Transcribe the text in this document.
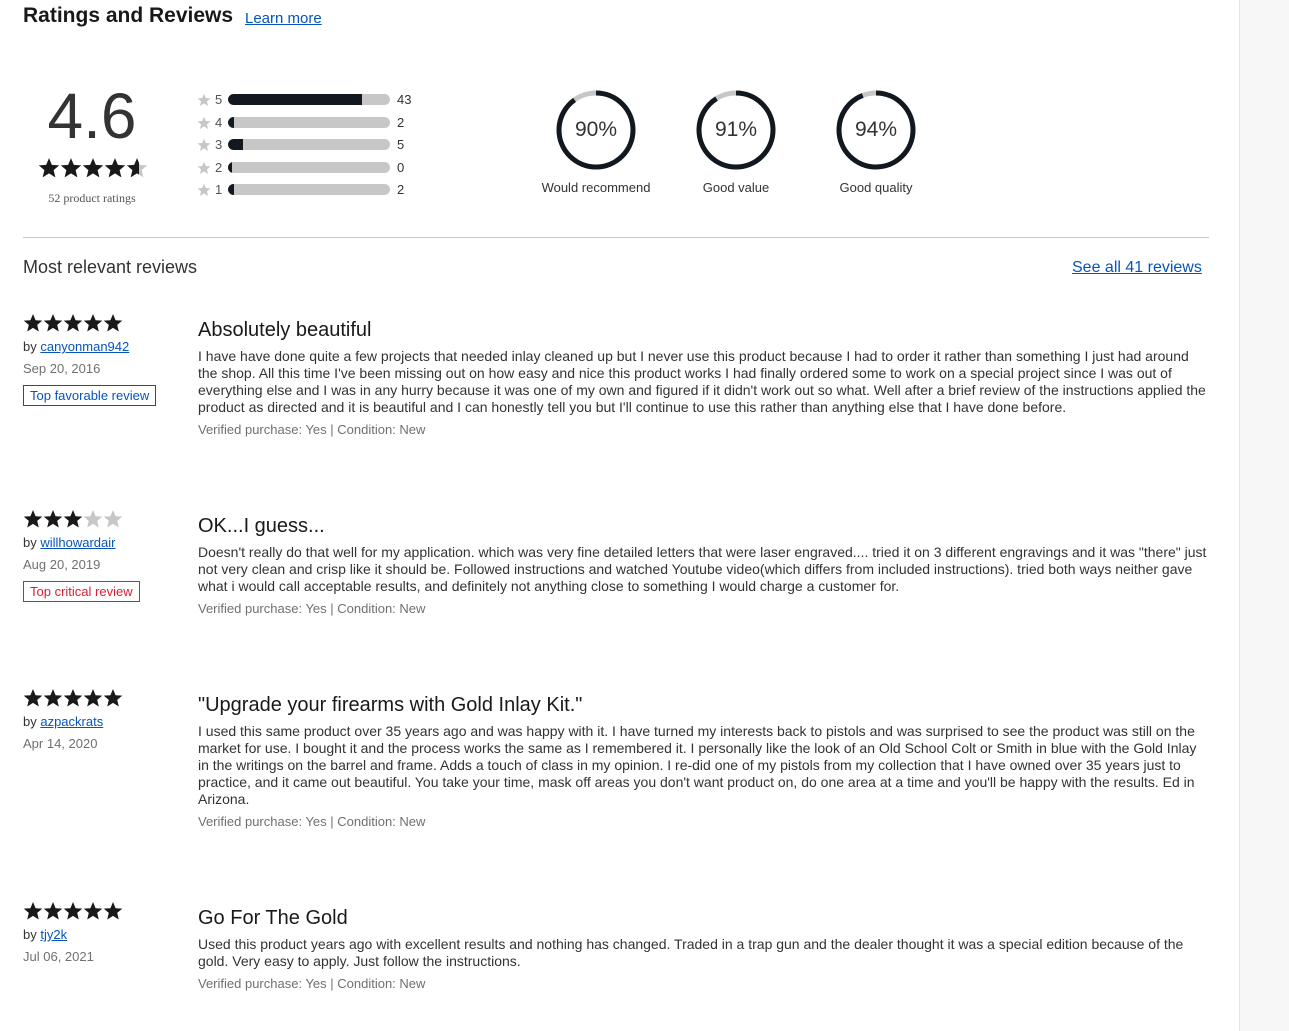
Ratings and Reviews Learn more
4.6
52 product ratings
5	43
4	2
3	5
2	0
1	2
90%
Would recommend
91%
Good value
94%
Good quality
Most relevant reviews	See all 41 reviews
by canyonman942
Sep 20, 2016
Top favorable review
Absolutely beautiful
I have have done quite a few projects that needed inlay cleaned up but I never use this product because I had to order it rather than something I just had around the shop. All this time I've been missing out on how easy and nice this product works I had finally ordered some to work on a special project since I was out of everything else and I was in any hurry because it was one of my own and figured if it didn't work out so what. Well after a brief review of the instructions applied the product as directed and it is beautiful and I can honestly tell you but I'll continue to use this rather than anything else that I have done before.
Verified purchase: Yes | Condition: New
by willhowardair
Aug 20, 2019
Top critical review
OK...I guess...
Doesn't really do that well for my application. which was very fine detailed letters that were laser engraved.... tried it on 3 different engravings and it was "there" just not very clean and crisp like it should be. Followed instructions and watched Youtube video(which differs from included instructions). tried both ways neither gave what i would call acceptable results, and definitely not anything close to something I would charge a customer for.
Verified purchase: Yes | Condition: New
by azpackrats
Apr 14, 2020
"Upgrade your firearms with Gold Inlay Kit."
I used this same product over 35 years ago and was happy with it. I have turned my interests back to pistols and was surprised to see the product was still on the market for use. I bought it and the process works the same as I remembered it. I personally like the look of an Old School Colt or Smith in blue with the Gold Inlay in the writings on the barrel and frame. Adds a touch of class in my opinion. I re-did one of my pistols from my collection that I have owned over 35 years just to practice, and it came out beautiful. You take your time, mask off areas you don't want product on, do one area at a time and you'll be happy with the results. Ed in Arizona.
Verified purchase: Yes | Condition: New
by tjy2k
Jul 06, 2021
Go For The Gold
Used this product years ago with excellent results and nothing has changed. Traded in a trap gun and the dealer thought it was a special edition because of the gold. Very easy to apply. Just follow the instructions.
Verified purchase: Yes | Condition: New
